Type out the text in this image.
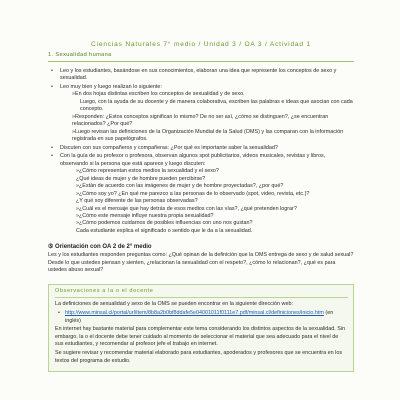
Ciencias Naturales 7° medio / Unidad 3 / OA 3 / Actividad 1
1. Sexualidad humana
• Leo y los estudiantes, basándose en sus conocimientos, elaboran una idea que represente los conceptos de sexo y sexualidad.
• Leo muy bien y luego realizan lo siguiente:
»En dos hojas distintas escriben los conceptos de sexualidad y de sexo.
Luego, con la ayuda de su docente y de manera colaborativa, escriben las palabras e ideas que asocian con cada concepto.
»Responden: ¿Estos conceptos significan lo mismo? De no ser así, ¿cómo se distinguen?, ¿se encuentran relacionados? ¿Por qué?
»Luego revisan las definiciones de la Organización Mundial de la Salud (OMS) y las comparan con la información registrada en sus papelógrafos.
• Discuten con sus compañeros y compañeras: ¿Por qué es importante saber la sexualidad?
• Con la guía de su profesor o profesora, observan algunos spot publicitarios, videos musicales, revistas y libros, observando si la persona que está aparece y luego discuten:
»¿Cómo representan estos medios la sexualidad y el sexo?
¿Qué ideas de mujer y de hombre pueden percibirse?
»¿Están de acuerdo con las imágenes de mujer y de hombre proyectadas?, ¿por qué?
»¿Cómo soy yo? ¿En qué me parezco a las personas de lo observado (spot, video, revista, etc.)?
¿Y qué soy diferente de las personas observadas?
»¿Cuál es el mensaje que hay detrás de esos medios con las vías?, ¿qué pretenden lograr?
»¿Cómo este mensaje influye nuestra propia sexualidad?
»¿Cómo podemos cuidarnos de posibles influencias con uno nos gustan?
Cada estudiante explica el significado o sentido que le da a la sexualidad.
⑤ Orientación con OA 2 de 2° medio
Les y los estudiantes responden preguntas como: ¿Qué opinan de la definición que la OMS entrega de sexo y de salud sexual? Desde lo que ustedes piensan y sienten, ¿relacionan la sexualidad con el respeto?, ¿cómo lo relacionan?, ¿qué es para ustedes abuso sexual?
Observaciones a la o el docente

La definiciones de sexualidad y sexo de la OMS se pueden encontrar en la siguiente dirección web:

• http://www.minsal.cl/portal/url/item/8b8a2b0bf8ddafe5e04001011f0111e7.pdf/minsal.cl/definiciones/inicio.htm (en inglés)

En internet hay bastante material para complementar este tema considerando los distintos aspectos de la sexualidad. Sin embargo, la o el docente debe tener cuidado al momento de seleccionar el material que sea adecuado para el nivel de sus estudiantes, y recomendar al profesor jefe el trabajo en internet.

Se sugiere revisar y recomendar material elaborado para estudiantes, apoderados y profesores que se encuentra en los textos del programa de estudio.
